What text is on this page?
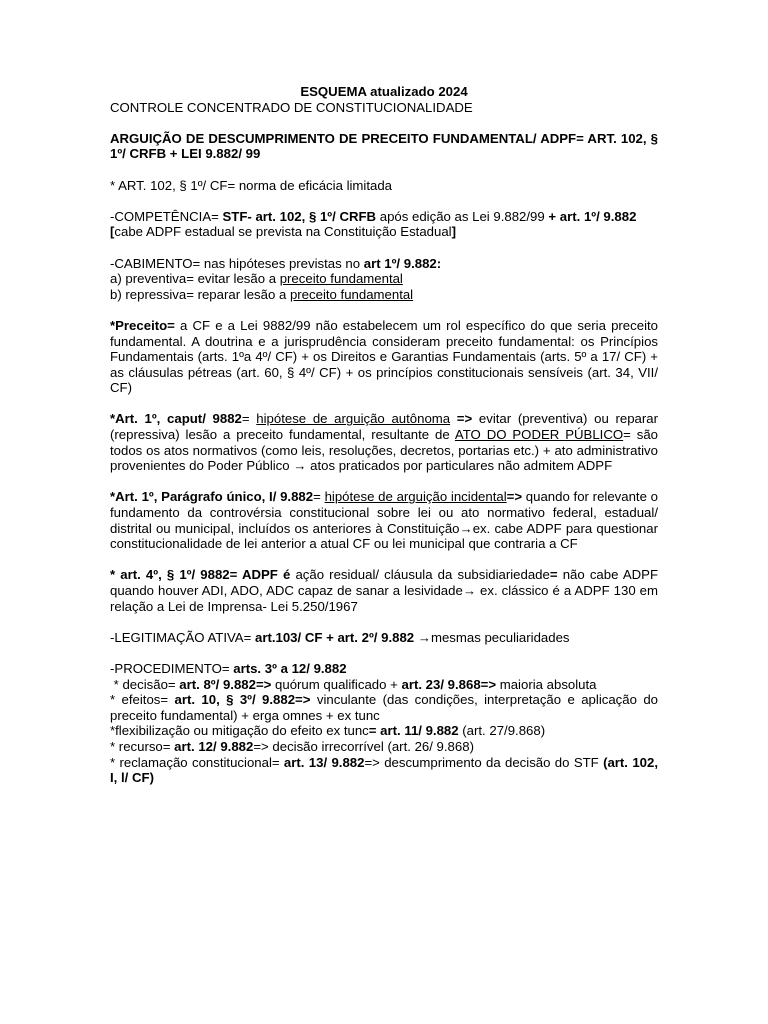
ESQUEMA atualizado 2024

CONTROLE CONCENTRADO DE CONSTITUCIONALIDADE

ARGUIÇÃO DE DESCUMPRIMENTO DE PRECEITO FUNDAMENTAL/ ADPF= ART. 102, § 1º/ CRFB + LEI 9.882/ 99

* ART. 102, § 1º/ CF= norma de eficácia limitada

-COMPETÊNCIA= STF- art. 102, § 1º/ CRFB após edição as Lei 9.882/99 + art. 1º/ 9.882

[cabe ADPF estadual se prevista na Constituição Estadual]

-CABIMENTO= nas hipóteses previstas no art 1º/ 9.882:

a) preventiva= evitar lesão a preceito fundamental

b) repressiva= reparar lesão a preceito fundamental

*Preceito= a CF e a Lei 9882/99 não estabelecem um rol específico do que seria preceito fundamental. A doutrina e a jurisprudência consideram preceito fundamental: os Princípios Fundamentais (arts. 1ºa 4º/ CF) + os Direitos e Garantias Fundamentais (arts. 5º a 17/ CF) + as cláusulas pétreas (art. 60, § 4º/ CF) + os princípios constitucionais sensíveis (art. 34, VII/ CF)

*Art. 1º, caput/ 9882= hipótese de arguição autônoma => evitar (preventiva) ou reparar (repressiva) lesão a preceito fundamental, resultante de ATO DO PODER PÚBLICO= são todos os atos normativos (como leis, resoluções, decretos, portarias etc.) + ato administrativo provenientes do Poder Público → atos praticados por particulares não admitem ADPF

*Art. 1º, Parágrafo único, I/ 9.882= hipótese de arguição incidental=> quando for relevante o fundamento da controvérsia constitucional sobre lei ou ato normativo federal, estadual/ distrital ou municipal, incluídos os anteriores à Constituição→ex. cabe ADPF para questionar constitucionalidade de lei anterior a atual CF ou lei municipal que contraria a CF

* art. 4º, § 1º/ 9882= ADPF é ação residual/ cláusula da subsidiariedade= não cabe ADPF quando houver ADI, ADO, ADC capaz de sanar a lesividade→ ex. clássico é a ADPF 130 em relação a Lei de Imprensa- Lei 5.250/1967

-LEGITIMAÇÃO ATIVA= art.103/ CF + art. 2º/ 9.882 →mesmas peculiaridades

-PROCEDIMENTO= arts. 3º a 12/ 9.882

* decisão= art. 8º/ 9.882=> quórum qualificado + art. 23/ 9.868=> maioria absoluta

* efeitos= art. 10, § 3º/ 9.882=> vinculante (das condições, interpretação e aplicação do preceito fundamental) + erga omnes + ex tunc

*flexibilização ou mitigação do efeito ex tunc= art. 11/ 9.882 (art. 27/9.868)

* recurso= art. 12/ 9.882=> decisão irrecorrível (art. 26/ 9.868)

* reclamação constitucional= art. 13/ 9.882=> descumprimento da decisão do STF (art. 102, I, l/ CF)
